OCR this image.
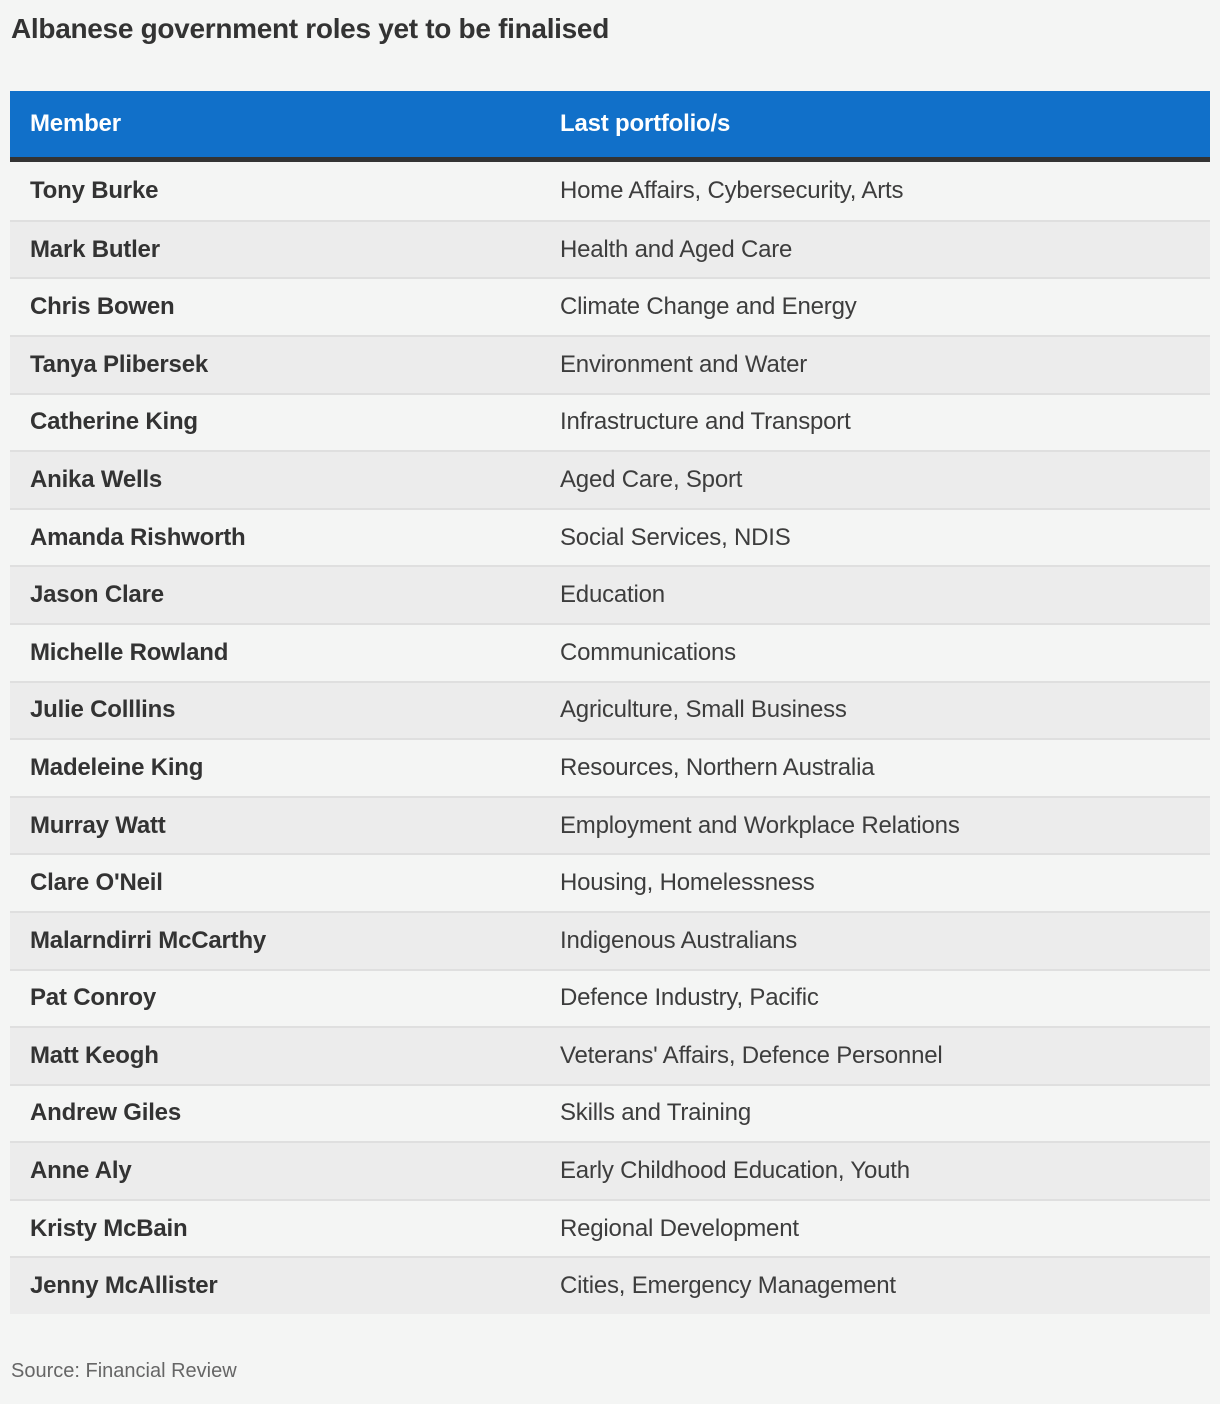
Albanese government roles yet to be finalised
Member	Last portfolio/s
Tony Burke	Home Affairs, Cybersecurity, Arts
Mark Butler	Health and Aged Care
Chris Bowen	Climate Change and Energy
Tanya Plibersek	Environment and Water
Catherine King	Infrastructure and Transport
Anika Wells	Aged Care, Sport
Amanda Rishworth	Social Services, NDIS
Jason Clare	Education
Michelle Rowland	Communications
Julie Colllins	Agriculture, Small Business
Madeleine King	Resources, Northern Australia
Murray Watt	Employment and Workplace Relations
Clare O'Neil	Housing, Homelessness
Malarndirri McCarthy	Indigenous Australians
Pat Conroy	Defence Industry, Pacific
Matt Keogh	Veterans' Affairs, Defence Personnel
Andrew Giles	Skills and Training
Anne Aly	Early Childhood Education, Youth
Kristy McBain	Regional Development
Jenny McAllister	Cities, Emergency Management
Source: Financial Review
